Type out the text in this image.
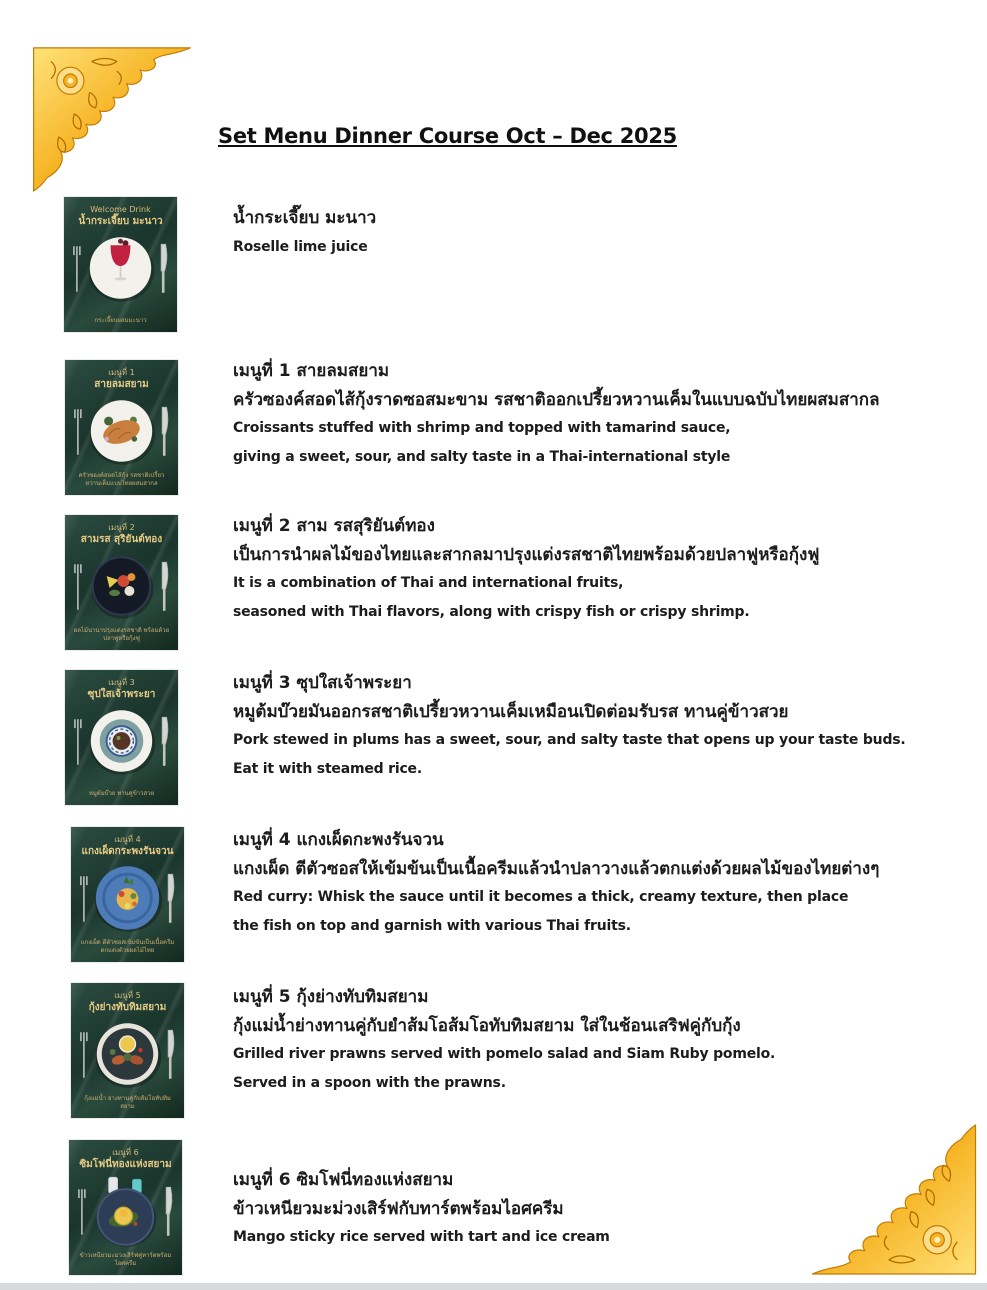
Set Menu Dinner Course Oct – Dec 2025
Welcome Drink
น้ำกระเจี๊ยบ มะนาว
กระเจี๊ยบผสมมะนาว
เมนูที่ 1
สายลมสยาม
ครัวซองค์สอดไส้กุ้ง รสชาติเปรี้ยวหวานเค็มแบบไทยผสมสากล
เมนูที่ 2
สามรส สุริยันต์ทอง
ผลไม้นานาปรุงแต่งรสชาติ พร้อมด้วยปลาฟูหรือกุ้งฟู
เมนูที่ 3
ซุปใสเจ้าพระยา
หมูต้มบ๊วย ทานคู่ข้าวสวย
เมนูที่ 4
แกงเผ็ดกระพงรันจวน
แกงเผ็ด ตีตัวซอสเข้มข้นเป็นเนื้อครีม ตกแต่งด้วยผลไม้ไทย
เมนูที่ 5
กุ้งย่างทับทิมสยาม
กุ้งแม่น้ำ ย่างทานคู่กับส้มโอทับทิมสยาม
เมนูที่ 6
ซิมโฟนี่ทองแห่งสยาม
ข้าวเหนียวมะม่วงเสิร์ฟคู่ทาร์ตพร้อมไอศครีม

น้ำกระเจี๊ยบ มะนาว

Roselle lime juice

เมนูที่ 1 สายลมสยาม

ครัวซองค์สอดไส้กุ้งราดซอสมะขาม รสชาติออกเปรี้ยวหวานเค็มในแบบฉบับไทยผสมสากล

Croissants stuffed with shrimp and topped with tamarind sauce,

giving a sweet, sour, and salty taste in a Thai-international style

เมนูที่ 2 สาม รสสุริยันต์ทอง

เป็นการนำผลไม้ของไทยและสากลมาปรุงแต่งรสชาติไทยพร้อมด้วยปลาฟูหรือกุ้งฟู

It is a combination of Thai and international fruits,

seasoned with Thai flavors, along with crispy fish or crispy shrimp.

เมนูที่ 3 ซุปใสเจ้าพระยา

หมูต้มบ๊วยมันออกรสชาติเปรี้ยวหวานเค็มเหมือนเปิดต่อมรับรส ทานคู่ข้าวสวย

Pork stewed in plums has a sweet, sour, and salty taste that opens up your taste buds.

Eat it with steamed rice.

เมนูที่ 4 แกงเผ็ดกะพงรันจวน

แกงเผ็ด ตีตัวซอสให้เข้มข้นเป็นเนื้อครีมแล้วนำปลาวางแล้วตกแต่งด้วยผลไม้ของไทยต่างๆ

Red curry: Whisk the sauce until it becomes a thick, creamy texture, then place

the fish on top and garnish with various Thai fruits.

เมนูที่ 5 กุ้งย่างทับทิมสยาม

กุ้งแม่น้ำย่างทานคู่กับยำส้มโอส้มโอทับทิมสยาม ใส่ในช้อนเสริฟคู่กับกุ้ง

Grilled river prawns served with pomelo salad and Siam Ruby pomelo.

Served in a spoon with the prawns.

เมนูที่ 6 ซิมโฟนี่ทองแห่งสยาม

ข้าวเหนียวมะม่วงเสิร์ฟกับทาร์ตพร้อมไอศครีม

Mango sticky rice served with tart and ice cream
